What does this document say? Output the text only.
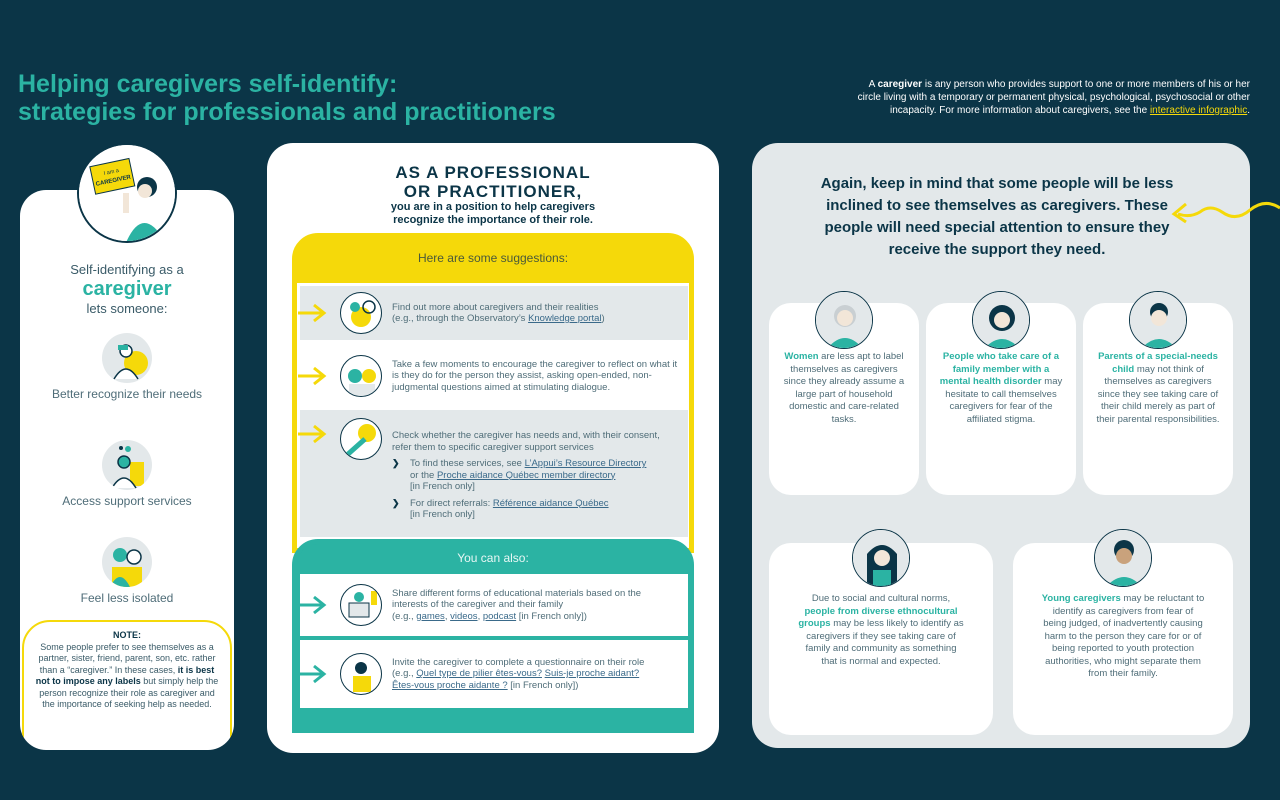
Helping caregivers self-identify:
strategies for professionals and practitioners
A caregiver is any person who provides support to one or more members of his or her circle living with a temporary or permanent physical, psychological, psychosocial or other incapacity. For more information about caregivers, see the interactive infographic.
Self-identifying as a
caregiver
lets someone:
Better recognize their needs
Access support services
Feel less isolated
NOTE:
Some people prefer to see themselves as a partner, sister, friend, parent, son, etc. rather than a “caregiver.” In these cases, it is best not to impose any labels but simply help the person recognize their role as caregiver and the importance of seeking help as needed.
I am a
CAREGIVER	AS A PROFESSIONAL
OR PRACTITIONER,
you are in a position to help caregivers
recognize the importance of their role.
Here are some suggestions:
You can also:
Find out more about caregivers and their realities
(e.g., through the Observatory’s Knowledge portal)
Take a few moments to encourage the caregiver to reflect on what it is they do for the person they assist, asking open-ended, non-judgmental questions aimed at stimulating dialogue.
Check whether the caregiver has needs and, with their consent, refer them to specific caregiver support services
❯	To find these services, see L’Appui’s Resource Directory
or the Proche aidance Québec member directory
[in French only]
❯	For direct referrals: Référence aidance Québec
[in French only]
Share different forms of educational materials based on the interests of the caregiver and their family
(e.g., games, videos, podcast [in French only])
Invite the caregiver to complete a questionnaire on their role
(e.g., Quel type de pilier êtes-vous? Suis-je proche aidant?
Êtes-vous proche aidante ? [in French only])
Again, keep in mind that some people will be less inclined to see themselves as caregivers. These people will need special attention to ensure they receive the support they need.
Women are less apt to label themselves as caregivers since they already assume a large part of household domestic and care-related tasks.
People who take care of a family member with a mental health disorder may hesitate to call themselves caregivers for fear of the affiliated stigma.
Parents of a special-needs child may not think of themselves as caregivers since they see taking care of their child merely as part of their parental responsibilities.
Due to social and cultural norms, people from diverse ethnocultural groups may be less likely to identify as caregivers if they see taking care of family and community as something that is normal and expected.
Young caregivers may be reluctant to identify as caregivers from fear of being judged, of inadvertently causing harm to the person they care for or of being reported to youth protection authorities, who might separate them from their family.
